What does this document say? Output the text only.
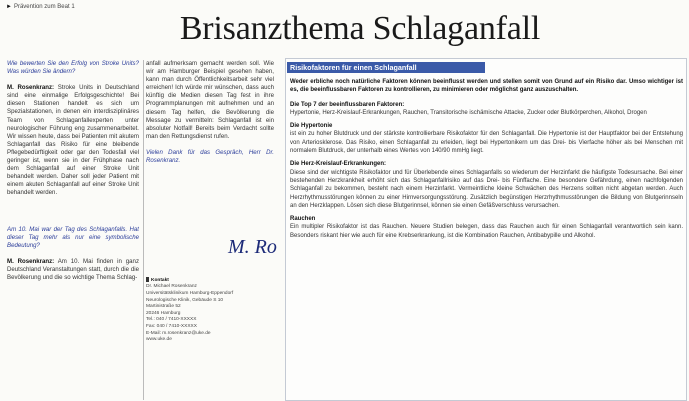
► Prävention zum Beat 1
Brisanzthema Schlaganfall

Wie bewerten Sie den Erfolg von Stroke Units? Was würden Sie ändern?

M. Rosenkranz: Stroke Units in Deutschland sind eine einmalige Erfolgsgeschichte! Bei diesen Stationen handelt es sich um Spezialstationen, in denen ein interdisziplinäres Team von Schlaganfallexperten unter neurologischer Führung eng zusammenarbeitet. Wir wissen heute, dass bei Patienten mit akutem Schlaganfall das Risiko für eine bleibende Pflegebedürftigkeit oder gar den Todesfall viel geringer ist, wenn sie in der Frühphase nach dem Schlaganfall auf einer Stroke Unit behandelt werden. Daher soll jeder Patient mit einem akuten Schlaganfall auf einer Stroke Unit behandelt werden.

Am 10. Mai war der Tag des Schlaganfalls. Hat dieser Tag mehr als nur eine symbolische Bedeutung?

M. Rosenkranz: Am 10. Mai finden in ganz Deutschland Veranstaltungen statt, durch die die Bevölkerung und die so wichtige Thema Schlag-

anfall aufmerksam gemacht werden soll. Wie wir am Hamburger Beispiel gesehen haben, kann man durch Öffentlichkeitsarbeit sehr viel erreichen! Ich würde mir wünschen, dass auch künftig die Medien diesen Tag fest in ihre Programmplanungen mit aufnehmen und an diesem Tag helfen, die Bevölkerung die Message zu vermitteln: Schlaganfall ist ein absoluter Notfall! Bereits beim Verdacht sollte man den Rettungsdienst rufen.

Vielen Dank für das Gespräch, Herr Dr. Rosenkranz.

M. Ro
Kontakt
Dr. Michael Rosenkranz
Universitätsklinikum Hamburg-Eppendorf
Neurologische Klinik, Gebäude S 10
Martinistraße 52
20246 Hamburg
Tel.: 040 / 7410-XXXXX
Fax: 040 / 7410-XXXXX
E-Mail: m.rosenkranz@uke.de
www.uke.de
Risikofaktoren für einen Schlaganfall

Weder erbliche noch natürliche Faktoren können beeinflusst werden und stellen somit von Grund auf ein Risiko dar. Umso wichtiger ist es, die beeinflussbaren Faktoren zu kontrollieren, zu minimieren oder möglichst ganz auszuschalten.

Die Top 7 der beeinflussbaren Faktoren:

Hypertonie, Herz-Kreislauf-Erkrankungen, Rauchen, Transitorische ischämische Attacke, Zucker oder Blutkörperchen, Alkohol, Drogen

Die Hypertonie

ist ein zu hoher Blutdruck und der stärkste kontrollierbare Risikofaktor für den Schlaganfall. Die Hypertonie ist der Hauptfaktor bei der Entstehung von Arteriosklerose. Das Risiko, einen Schlaganfall zu erleiden, liegt bei Hypertonikern um das Drei- bis Vierfache höher als bei Menschen mit normalem Blutdruck, der unterhalb eines Wertes von 140/90 mmHg liegt.

Die Herz-Kreislauf-Erkrankungen:

Diese sind der wichtigste Risikofaktor und für Überlebende eines Schlaganfalls so wiederum der Herzinfarkt die häufigste Todesursache. Bei einer bestehenden Herzkrankheit erhöht sich das Schlaganfallrisiko auf das Drei- bis Fünffache. Eine besondere Gefährdung, einen nachfolgenden Schlaganfall zu bekommen, besteht nach einem Herzinfarkt. Vermeintliche kleine Schwächen des Herzens sollten nicht abgetan werden. Auch Herzrhythmusstörungen können zu einer Hirnversorgungsstörung. Zusätzlich begünstigen Herzrhythmusstörungen die Bildung von Blutgerinnseln an den Herzklappen. Lösen sich diese Blutgerinnsel, können sie einen Gefäßverschluss verursachen.

Rauchen

Ein multipler Risikofaktor ist das Rauchen. Neuere Studien belegen, dass das Rauchen auch für einen Schlaganfall verantwortlich sein kann. Besonders riskant hier wie auch für eine Krebserkrankung, ist die Kombination Rauchen, Antibabypille und Alkohol.
